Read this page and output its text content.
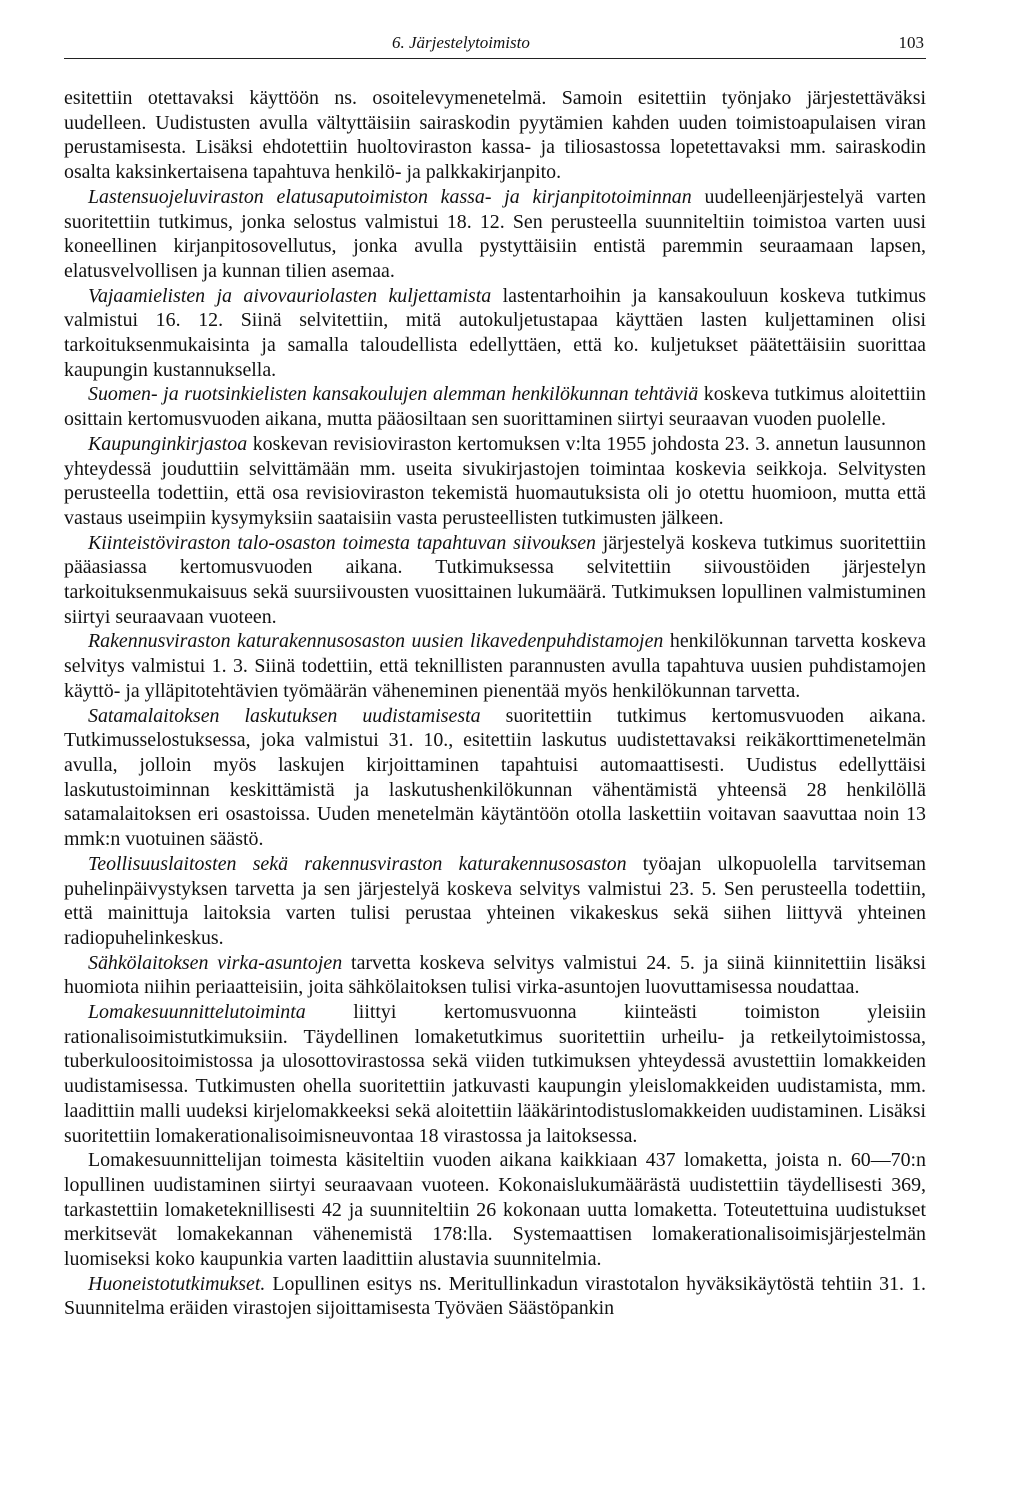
6. Järjestelytoimisto	103

esitettiin otettavaksi käyttöön ns. osoitelevymenetelmä. Samoin esitettiin työnjako järjestettäväksi uudelleen. Uudistusten avulla vältyttäisiin sairaskodin pyytämien kahden uuden toimistoapulaisen viran perustamisesta. Lisäksi ehdotettiin huoltoviraston kassa- ja tiliosastossa lopetettavaksi mm. sairaskodin osalta kaksinkertaisena tapahtuva henkilö- ja palkkakirjanpito.

Lastensuojeluviraston elatusaputoimiston kassa- ja kirjanpitotoiminnan uudelleenjärjestelyä varten suoritettiin tutkimus, jonka selostus valmistui 18. 12. Sen perusteella suunniteltiin toimistoa varten uusi koneellinen kirjanpitosovellutus, jonka avulla pystyttäisiin entistä paremmin seuraamaan lapsen, elatusvelvollisen ja kunnan tilien asemaa.

Vajaamielisten ja aivovauriolasten kuljettamista lastentarhoihin ja kansakouluun koskeva tutkimus valmistui 16. 12. Siinä selvitettiin, mitä autokuljetustapaa käyttäen lasten kuljettaminen olisi tarkoituksenmukaisinta ja samalla taloudellista edellyttäen, että ko. kuljetukset päätettäisiin suorittaa kaupungin kustannuksella.

Suomen- ja ruotsinkielisten kansakoulujen alemman henkilökunnan tehtäviä koskeva tutkimus aloitettiin osittain kertomusvuoden aikana, mutta pääosiltaan sen suorittaminen siirtyi seuraavan vuoden puolelle.

Kaupunginkirjastoa koskevan revisioviraston kertomuksen v:lta 1955 johdosta 23. 3. annetun lausunnon yhteydessä jouduttiin selvittämään mm. useita sivukirjastojen toimintaa koskevia seikkoja. Selvitysten perusteella todettiin, että osa revisioviraston tekemistä huomautuksista oli jo otettu huomioon, mutta että vastaus useimpiin kysymyksiin saataisiin vasta perusteellisten tutkimusten jälkeen.

Kiinteistöviraston talo-osaston toimesta tapahtuvan siivouksen järjestelyä koskeva tutkimus suoritettiin pääasiassa kertomusvuoden aikana. Tutkimuksessa selvitettiin siivoustöiden järjestelyn tarkoituksenmukaisuus sekä suursiivousten vuosittainen lukumäärä. Tutkimuksen lopullinen valmistuminen siirtyi seuraavaan vuoteen.

Rakennusviraston katurakennusosaston uusien likavedenpuhdistamojen henkilökunnan tarvetta koskeva selvitys valmistui 1. 3. Siinä todettiin, että teknillisten parannusten avulla tapahtuva uusien puhdistamojen käyttö- ja ylläpitotehtävien työmäärän väheneminen pienentää myös henkilökunnan tarvetta.

Satamalaitoksen laskutuksen uudistamisesta suoritettiin tutkimus kertomusvuoden aikana. Tutkimusselostuksessa, joka valmistui 31. 10., esitettiin laskutus uudistettavaksi reikäkorttimenetelmän avulla, jolloin myös laskujen kirjoittaminen tapahtuisi automaattisesti. Uudistus edellyttäisi laskutustoiminnan keskittämistä ja laskutushenkilökunnan vähentämistä yhteensä 28 henkilöllä satamalaitoksen eri osastoissa. Uuden menetelmän käytäntöön otolla laskettiin voitavan saavuttaa noin 13 mmk:n vuotuinen säästö.

Teollisuuslaitosten sekä rakennusviraston katurakennusosaston työajan ulkopuolella tarvitseman puhelinpäivystyksen tarvetta ja sen järjestelyä koskeva selvitys valmistui 23. 5. Sen perusteella todettiin, että mainittuja laitoksia varten tulisi perustaa yhteinen vikakeskus sekä siihen liittyvä yhteinen radiopuhelinkeskus.

Sähkölaitoksen virka-asuntojen tarvetta koskeva selvitys valmistui 24. 5. ja siinä kiinnitettiin lisäksi huomiota niihin periaatteisiin, joita sähkölaitoksen tulisi virka-asuntojen luovuttamisessa noudattaa.

Lomakesuunnittelutoiminta liittyi kertomusvuonna kiinteästi toimiston yleisiin rationalisoimistutkimuksiin. Täydellinen lomaketutkimus suoritettiin urheilu- ja retkeilytoimistossa, tuberkuloositoimistossa ja ulosottovirastossa sekä viiden tutkimuksen yhteydessä avustettiin lomakkeiden uudistamisessa. Tutkimusten ohella suoritettiin jatkuvasti kaupungin yleislomakkeiden uudistamista, mm. laadittiin malli uudeksi kirjelomakkeeksi sekä aloitettiin lääkärintodistuslomakkeiden uudistaminen. Lisäksi suoritettiin lomakerationalisoimisneuvontaa 18 virastossa ja laitoksessa.

Lomakesuunnittelijan toimesta käsiteltiin vuoden aikana kaikkiaan 437 lomaketta, joista n. 60—70:n lopullinen uudistaminen siirtyi seuraavaan vuoteen. Kokonaislukumäärästä uudistettiin täydellisesti 369, tarkastettiin lomaketeknillisesti 42 ja suunniteltiin 26 kokonaan uutta lomaketta. Toteutettuina uudistukset merkitsevät lomakekannan vähenemistä 178:lla. Systemaattisen lomakerationalisoimisjärjestelmän luomiseksi koko kaupunkia varten laadittiin alustavia suunnitelmia.

Huoneistotutkimukset. Lopullinen esitys ns. Meritullinkadun virastotalon hyväksikäytöstä tehtiin 31. 1. Suunnitelma eräiden virastojen sijoittamisesta Työväen Säästöpankin
